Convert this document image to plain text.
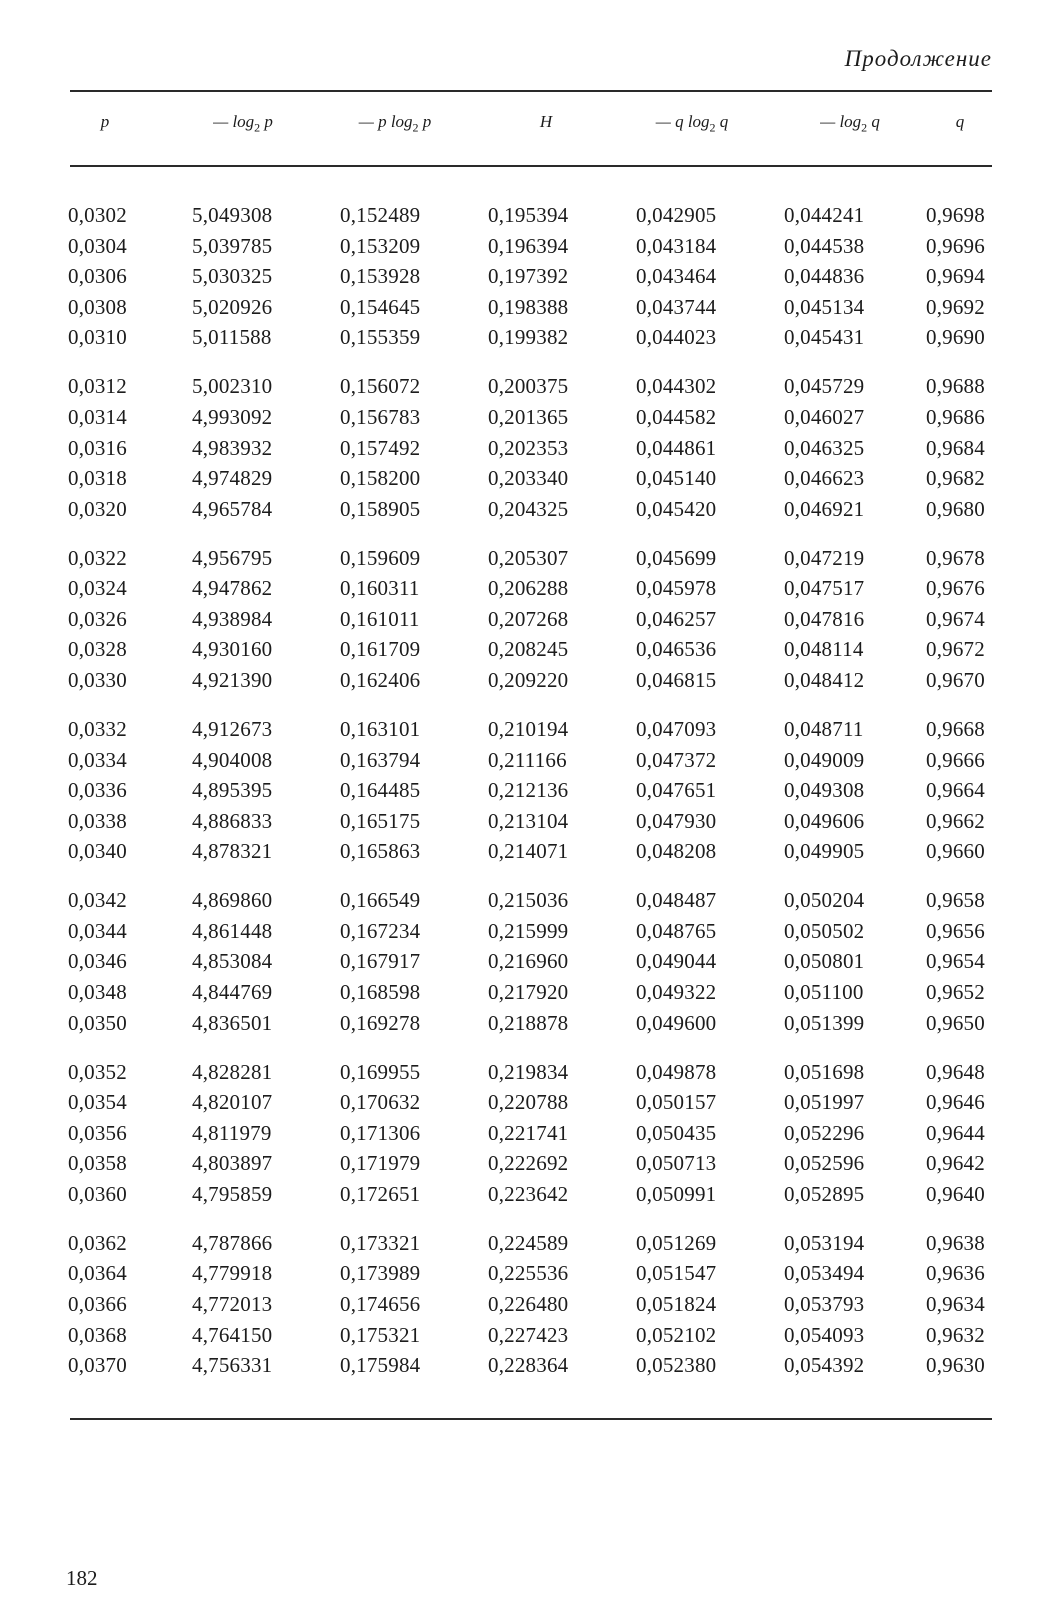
Продолжение
p	— $\log_2 p$	— p $\log_2 p$	H	— q $\log_2 q$	— $\log_2 q$	q
0,0302	5,049308	0,152489	0,195394	0,042905	0,044241	0,9698
0,0304	5,039785	0,153209	0,196394	0,043184	0,044538	0,9696
0,0306	5,030325	0,153928	0,197392	0,043464	0,044836	0,9694
0,0308	5,020926	0,154645	0,198388	0,043744	0,045134	0,9692
0,0310	5,011588	0,155359	0,199382	0,044023	0,045431	0,9690
0,0312	5,002310	0,156072	0,200375	0,044302	0,045729	0,9688
0,0314	4,993092	0,156783	0,201365	0,044582	0,046027	0,9686
0,0316	4,983932	0,157492	0,202353	0,044861	0,046325	0,9684
0,0318	4,974829	0,158200	0,203340	0,045140	0,046623	0,9682
0,0320	4,965784	0,158905	0,204325	0,045420	0,046921	0,9680
0,0322	4,956795	0,159609	0,205307	0,045699	0,047219	0,9678
0,0324	4,947862	0,160311	0,206288	0,045978	0,047517	0,9676
0,0326	4,938984	0,161011	0,207268	0,046257	0,047816	0,9674
0,0328	4,930160	0,161709	0,208245	0,046536	0,048114	0,9672
0,0330	4,921390	0,162406	0,209220	0,046815	0,048412	0,9670
0,0332	4,912673	0,163101	0,210194	0,047093	0,048711	0,9668
0,0334	4,904008	0,163794	0,211166	0,047372	0,049009	0,9666
0,0336	4,895395	0,164485	0,212136	0,047651	0,049308	0,9664
0,0338	4,886833	0,165175	0,213104	0,047930	0,049606	0,9662
0,0340	4,878321	0,165863	0,214071	0,048208	0,049905	0,9660
0,0342	4,869860	0,166549	0,215036	0,048487	0,050204	0,9658
0,0344	4,861448	0,167234	0,215999	0,048765	0,050502	0,9656
0,0346	4,853084	0,167917	0,216960	0,049044	0,050801	0,9654
0,0348	4,844769	0,168598	0,217920	0,049322	0,051100	0,9652
0,0350	4,836501	0,169278	0,218878	0,049600	0,051399	0,9650
0,0352	4,828281	0,169955	0,219834	0,049878	0,051698	0,9648
0,0354	4,820107	0,170632	0,220788	0,050157	0,051997	0,9646
0,0356	4,811979	0,171306	0,221741	0,050435	0,052296	0,9644
0,0358	4,803897	0,171979	0,222692	0,050713	0,052596	0,9642
0,0360	4,795859	0,172651	0,223642	0,050991	0,052895	0,9640
0,0362	4,787866	0,173321	0,224589	0,051269	0,053194	0,9638
0,0364	4,779918	0,173989	0,225536	0,051547	0,053494	0,9636
0,0366	4,772013	0,174656	0,226480	0,051824	0,053793	0,9634
0,0368	4,764150	0,175321	0,227423	0,052102	0,054093	0,9632
0,0370	4,756331	0,175984	0,228364	0,052380	0,054392	0,9630
182
